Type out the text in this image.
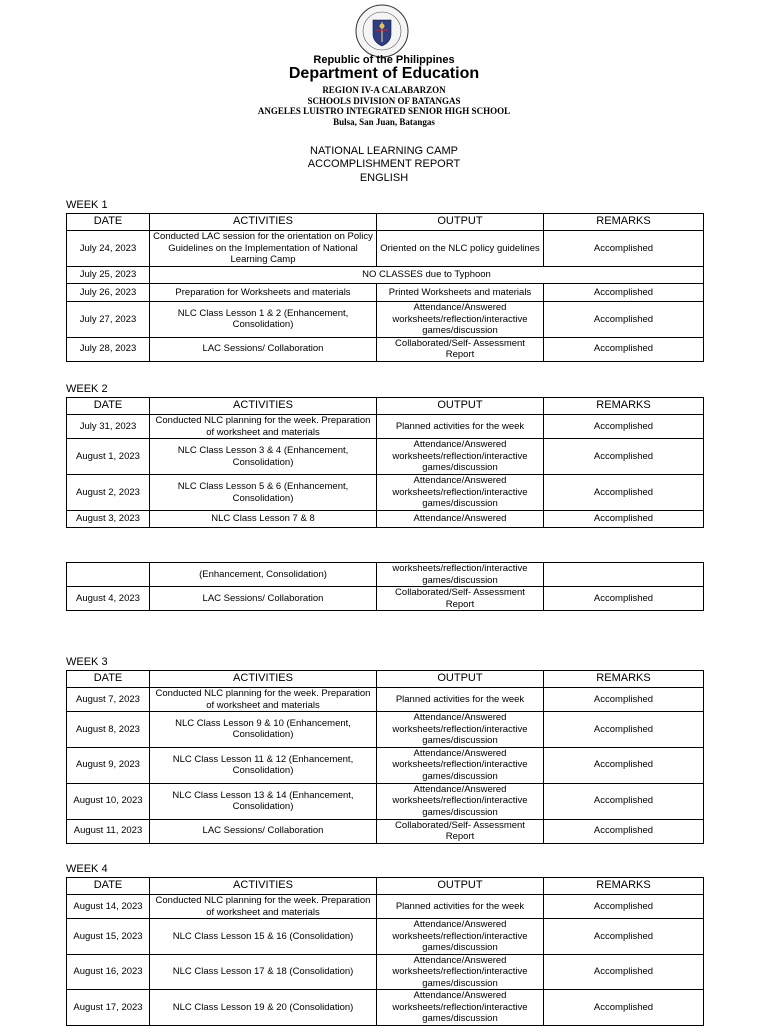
Republic of the Philippines
Department of Education
REGION IV-A CALABARZON
SCHOOLS DIVISION OF BATANGAS
ANGELES LUISTRO INTEGRATED SENIOR HIGH SCHOOL
Bulsa, San Juan, Batangas
NATIONAL LEARNING CAMP
ACCOMPLISHMENT REPORT
ENGLISH
WEEK 1
DATE	ACTIVITIES	OUTPUT	REMARKS
July 24, 2023	Conducted LAC session for the orientation on Policy Guidelines on the Implementation of National Learning Camp	Oriented on the NLC policy guidelines	Accomplished
July 25, 2023	NO CLASSES due to Typhoon		
July 26, 2023	Preparation for Worksheets and materials	Printed Worksheets and materials	Accomplished
July 27, 2023	NLC Class Lesson 1 & 2 (Enhancement, Consolidation)	Attendance/Answered worksheets/reflection/interactive games/discussion	Accomplished
July 28, 2023	LAC Sessions/ Collaboration	Collaborated/Self- Assessment Report	Accomplished
WEEK 2
DATE	ACTIVITIES	OUTPUT	REMARKS
July 31, 2023	Conducted NLC planning for the week. Preparation of worksheet and materials	Planned activities for the week	Accomplished
August 1, 2023	NLC Class Lesson 3 & 4 (Enhancement, Consolidation)	Attendance/Answered worksheets/reflection/interactive games/discussion	Accomplished
August 2, 2023	NLC Class Lesson 5 & 6 (Enhancement, Consolidation)	Attendance/Answered worksheets/reflection/interactive games/discussion	Accomplished
August 3, 2023	NLC Class Lesson 7 & 8	Attendance/Answered	Accomplished
	(Enhancement, Consolidation)	worksheets/reflection/interactive games/discussion	
August 4, 2023	LAC Sessions/ Collaboration	Collaborated/Self- Assessment Report	Accomplished
WEEK 3
DATE	ACTIVITIES	OUTPUT	REMARKS
August 7, 2023	Conducted NLC planning for the week. Preparation of worksheet and materials	Planned activities for the week	Accomplished
August 8, 2023	NLC Class Lesson 9 & 10 (Enhancement, Consolidation)	Attendance/Answered worksheets/reflection/interactive games/discussion	Accomplished
August 9, 2023	NLC Class Lesson 11 & 12 (Enhancement, Consolidation)	Attendance/Answered worksheets/reflection/interactive games/discussion	Accomplished
August 10, 2023	NLC Class Lesson 13 & 14 (Enhancement, Consolidation)	Attendance/Answered worksheets/reflection/interactive games/discussion	Accomplished
August 11, 2023	LAC Sessions/ Collaboration	Collaborated/Self- Assessment Report	Accomplished
WEEK 4
DATE	ACTIVITIES	OUTPUT	REMARKS
August 14, 2023	Conducted NLC planning for the week. Preparation of worksheet and materials	Planned activities for the week	Accomplished
August 15, 2023	NLC Class Lesson 15 & 16 (Consolidation)	Attendance/Answered worksheets/reflection/interactive games/discussion	Accomplished
August 16, 2023	NLC Class Lesson 17 & 18 (Consolidation)	Attendance/Answered worksheets/reflection/interactive games/discussion	Accomplished
August 17, 2023	NLC Class Lesson 19 & 20 (Consolidation)	Attendance/Answered worksheets/reflection/interactive games/discussion	Accomplished
